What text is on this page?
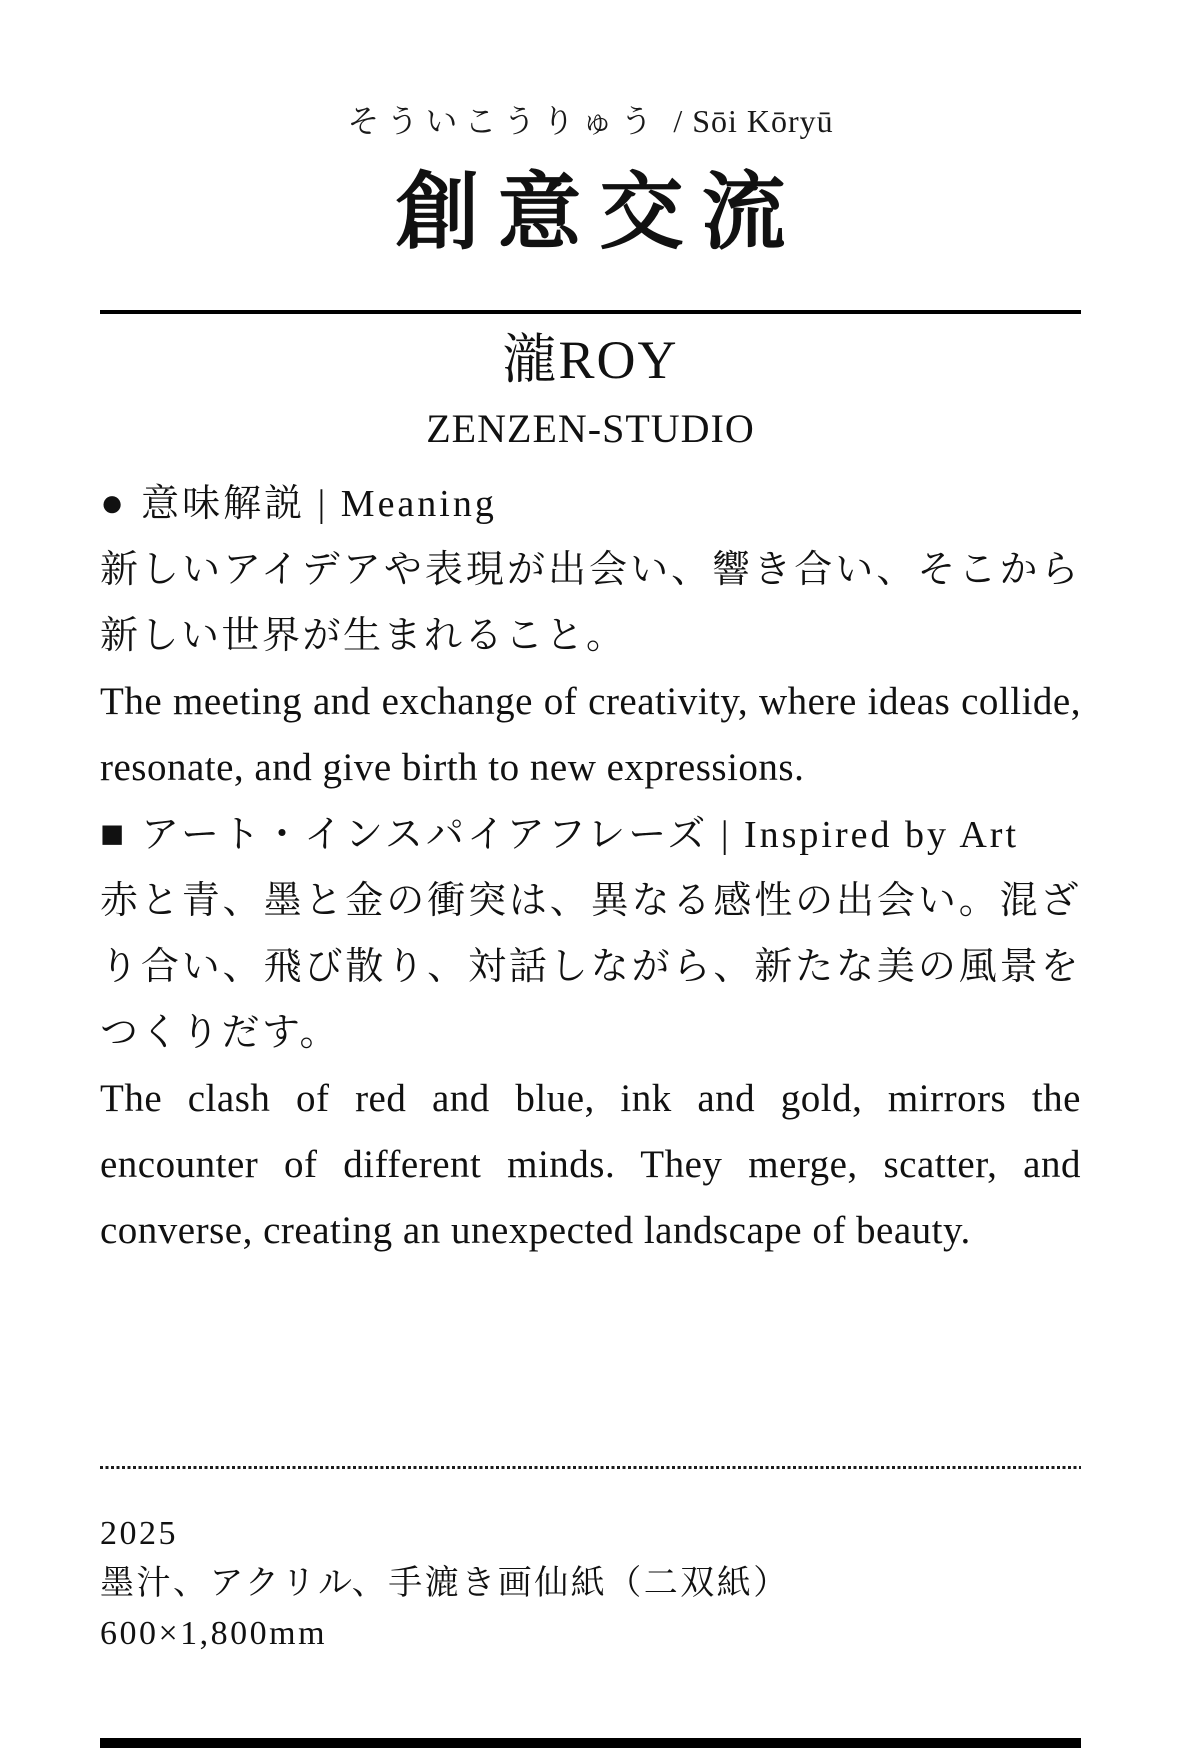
そういこうりゅう / Sōi Kōryū
創意交流
瀧ROY
ZENZEN-STUDIO
● 意味解説 | Meaning

新しいアイデアや表現が出会い、響き合い、そこから新しい世界が生まれること。

The meeting and exchange of creativity, where ideas collide, resonate, and give birth to new expressions.

■ アート・インスパイアフレーズ | Inspired by Art

赤と青、墨と金の衝突は、異なる感性の出会い。混ざり合い、飛び散り、対話しながら、新たな美の風景をつくりだす。

The clash of red and blue, ink and gold, mirrors the encounter of different minds. They merge, scatter, and converse, creating an unexpected landscape of beauty.

2025
墨汁、アクリル、手漉き画仙紙（二双紙）
600×1,800mm
